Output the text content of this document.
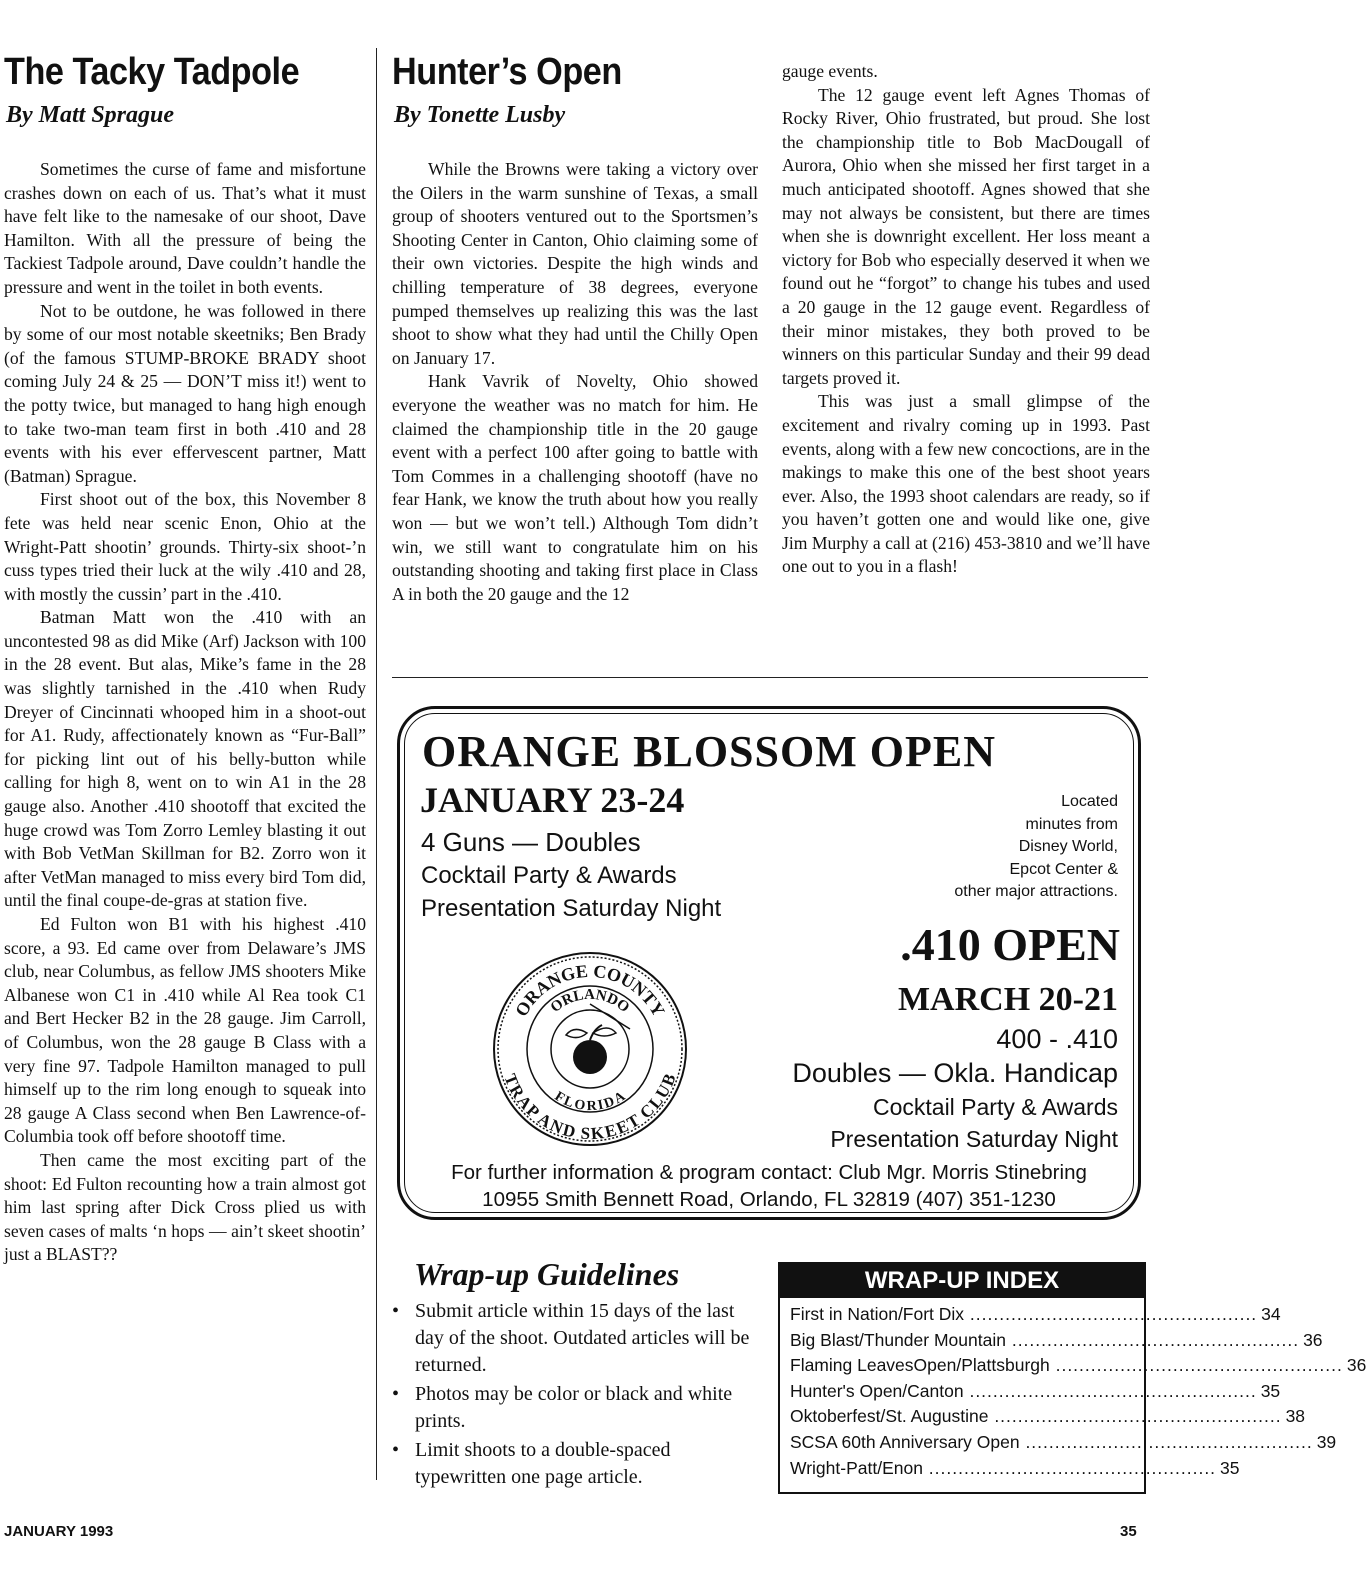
The Tacky Tadpole
By Matt Sprague

Sometimes the curse of fame and misfortune crashes down on each of us. That’s what it must have felt like to the namesake of our shoot, Dave Hamilton. With all the pressure of being the Tackiest Tadpole around, Dave couldn’t handle the pressure and went in the toilet in both events.

Not to be outdone, he was followed in there by some of our most notable skeetniks; Ben Brady (of the famous STUMP-BROKE BRADY shoot coming July 24 & 25 — DON’T miss it!) went to the potty twice, but managed to hang high enough to take two-man team first in both .410 and 28 events with his ever effervescent partner, Matt (Batman) Sprague.

First shoot out of the box, this November 8 fete was held near scenic Enon, Ohio at the Wright-Patt shootin’ grounds. Thirty-six shoot-’n cuss types tried their luck at the wily .410 and 28, with mostly the cussin’ part in the .410.

Batman Matt won the .410 with an uncontested 98 as did Mike (Arf) Jackson with 100 in the 28 event. But alas, Mike’s fame in the 28 was slightly tarnished in the .410 when Rudy Dreyer of Cincinnati whooped him in a shoot-out for A1. Rudy, affectionately known as “Fur-Ball” for picking lint out of his belly-button while calling for high 8, went on to win A1 in the 28 gauge also. Another .410 shootoff that excited the huge crowd was Tom Zorro Lemley blasting it out with Bob VetMan Skillman for B2. Zorro won it after VetMan managed to miss every bird Tom did, until the final coupe-de-gras at station five.

Ed Fulton won B1 with his highest .410 score, a 93. Ed came over from Delaware’s JMS club, near Columbus, as fellow JMS shooters Mike Albanese won C1 in .410 while Al Rea took C1 and Bert Hecker B2 in the 28 gauge. Jim Carroll, of Columbus, won the 28 gauge B Class with a very fine 97. Tadpole Hamilton managed to pull himself up to the rim long enough to squeak into 28 gauge A Class second when Ben Lawrence-of-Columbia took off before shootoff time.

Then came the most exciting part of the shoot: Ed Fulton recounting how a train almost got him last spring after Dick Cross plied us with seven cases of malts ‘n hops — ain’t skeet shootin’ just a BLAST??

Hunter’s Open
By Tonette Lusby

While the Browns were taking a victory over the Oilers in the warm sunshine of Texas, a small group of shooters ventured out to the Sportsmen’s Shooting Center in Canton, Ohio claiming some of their own victories. Despite the high winds and chilling temperature of 38 degrees, everyone pumped themselves up realizing this was the last shoot to show what they had until the Chilly Open on January 17.

Hank Vavrik of Novelty, Ohio showed everyone the weather was no match for him. He claimed the championship title in the 20 gauge event with a perfect 100 after going to battle with Tom Commes in a challenging shootoff (have no fear Hank, we know the truth about how you really won — but we won’t tell.) Although Tom didn’t win, we still want to congratulate him on his outstanding shooting and taking first place in Class A in both the 20 gauge and the 12

gauge events.

The 12 gauge event left Agnes Thomas of Rocky River, Ohio frustrated, but proud. She lost the championship title to Bob MacDougall of Aurora, Ohio when she missed her first target in a much anticipated shootoff. Agnes showed that she may not always be consistent, but there are times when she is downright excellent. Her loss meant a victory for Bob who especially deserved it when we found out he “forgot” to change his tubes and used a 20 gauge in the 12 gauge event. Regardless of their minor mistakes, they both proved to be winners on this particular Sunday and their 99 dead targets proved it.

This was just a small glimpse of the excitement and rivalry coming up in 1993. Past events, along with a few new concoctions, are in the makings to make this one of the best shoot years ever. Also, the 1993 shoot calendars are ready, so if you haven’t gotten one and would like one, give Jim Murphy a call at (216) 453-3810 and we’ll have one out to you in a flash!

ORANGE BLOSSOM OPEN
JANUARY 23-24
4 Guns — Doubles
Cocktail Party & Awards
Presentation Saturday Night
Located
minutes from
Disney World,
Epcot Center &
other major attractions.
ORANGE COUNTY
ORLANDO
TRAP AND SKEET CLUB
FLORIDA
.410 OPEN
MARCH 20-21
400 - .410
Doubles — Okla. Handicap
Cocktail Party & Awards
Presentation Saturday Night
For further information & program contact: Club Mgr. Morris Stinebring
10955 Smith Bennett Road, Orlando, FL 32819 (407) 351-1230
Wrap-up Guidelines
• Submit article within 15 days of the last day of the shoot. Outdated articles will be returned.
• Photos may be color or black and white prints.
• Limit shoots to a double-spaced typewritten one page article.
WRAP-UP INDEX
First in Nation/Fort Dix ................................................. 34
Big Blast/Thunder Mountain ................................................. 36
Flaming LeavesOpen/Plattsburgh ................................................. 36
Hunter's Open/Canton ................................................. 35
Oktoberfest/St. Augustine ................................................. 38
SCSA 60th Anniversary Open ................................................. 39
Wright-Patt/Enon ................................................. 35
JANUARY 1993	35
